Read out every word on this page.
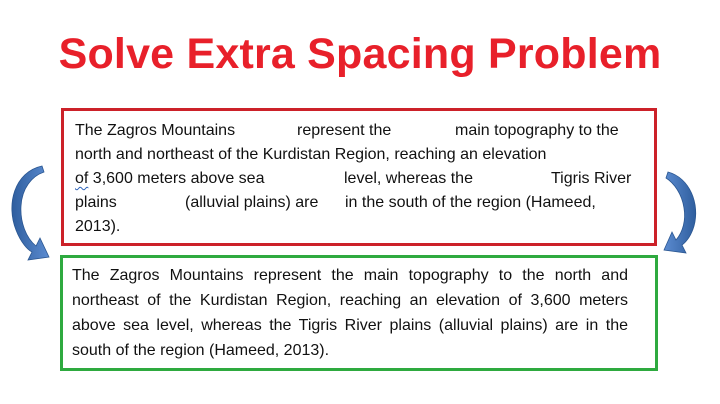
Solve Extra Spacing Problem
The Zagros Mountains	represent the	main topography to the
north and northeast of the Kurdistan Region, reaching an elevation
of 3,600 meters above sea	level, whereas the	Tigris River
plains	(alluvial plains) are in the south of the region (Hameed,
2013).
The Zagros Mountains represent the main topography to the north and
northeast of the Kurdistan Region, reaching an elevation of 3,600 meters
above sea level, whereas the Tigris River plains (alluvial plains) are in the
south of the region (Hameed, 2013).
